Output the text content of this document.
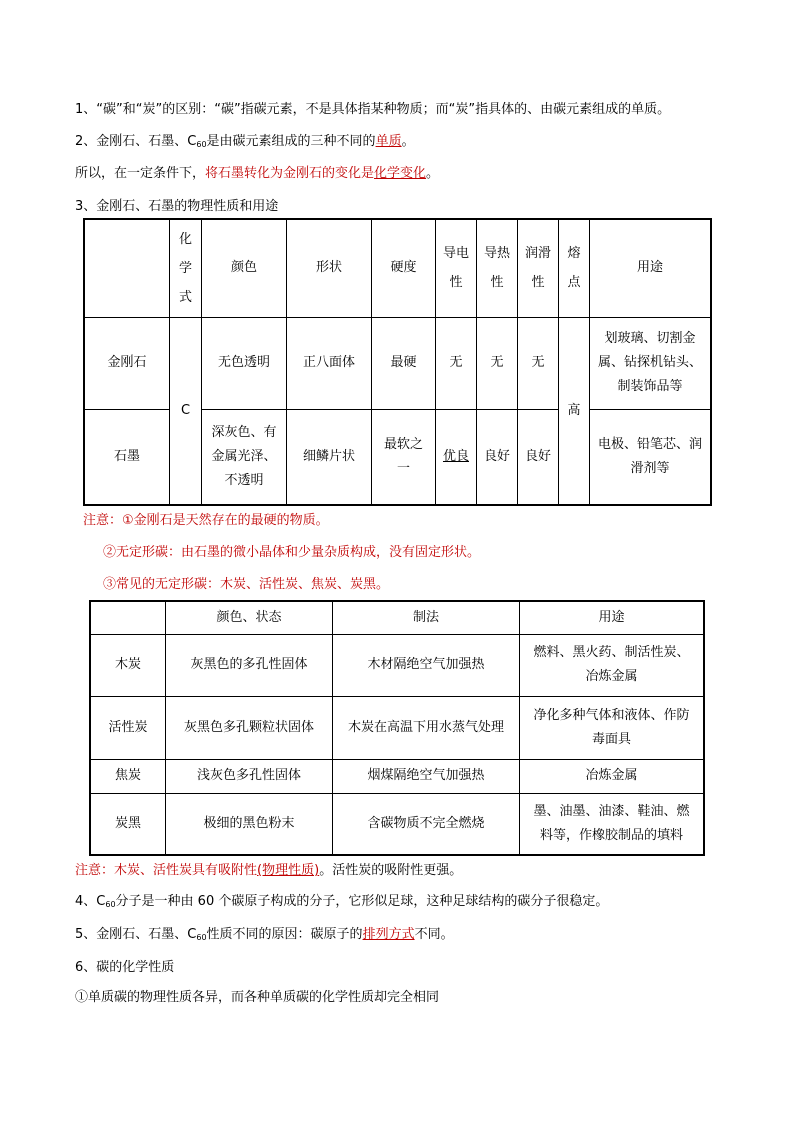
1、“碳”和“炭”的区别：“碳”指碳元素，不是具体指某种物质；而“炭”指具体的、由碳元素组成的单质。
2、金刚石、石墨、$C_{60}$是由碳元素组成的三种不同的单质。
所以，在一定条件下，将石墨转化为金刚石的变化是化学变化。
3、金刚石、石墨的物理性质和用途

	化
学
式	颜色	形状	硬度	导电
性	导热
性	润滑
性	熔
点	用途
金刚石	C	无色透明	正八面体	最硬	无	无	无	高	划玻璃、切割金
属、钻探机钻头、
制装饰品等

石墨		深灰色、有
金属光泽、
不透明	细鳞片状	最软之
一	优良	良好	良好		电极、铅笔芯、润
滑剂等
注意：①金刚石是天然存在的最硬的物质。
②无定形碳：由石墨的微小晶体和少量杂质构成，没有固定形状。
③常见的无定形碳：木炭、活性炭、焦炭、炭黑。
	颜色、状态	制法	用途
木炭	灰黑色的多孔性固体	木材隔绝空气加强热	燃料、黑火药、制活性炭、
冶炼金属

活性炭	灰黑色多孔颗粒状固体	木炭在高温下用水蒸气处理	净化多种气体和液体、作防
毒面具

焦炭	浅灰色多孔性固体	烟煤隔绝空气加强热	冶炼金属
炭黑	极细的黑色粉末	含碳物质不完全燃烧	墨、油墨、油漆、鞋油、燃
料等，作橡胶制品的填料
注意：木炭、活性炭具有吸附性(物理性质)。活性炭的吸附性更强。
4、$C_{60}$分子是一种由 60 个碳原子构成的分子，它形似足球，这种足球结构的碳分子很稳定。
5、金刚石、石墨、$C_{60}$性质不同的原因：碳原子的排列方式不同。
6、碳的化学性质
①单质碳的物理性质各异，而各种单质碳的化学性质却完全相同
